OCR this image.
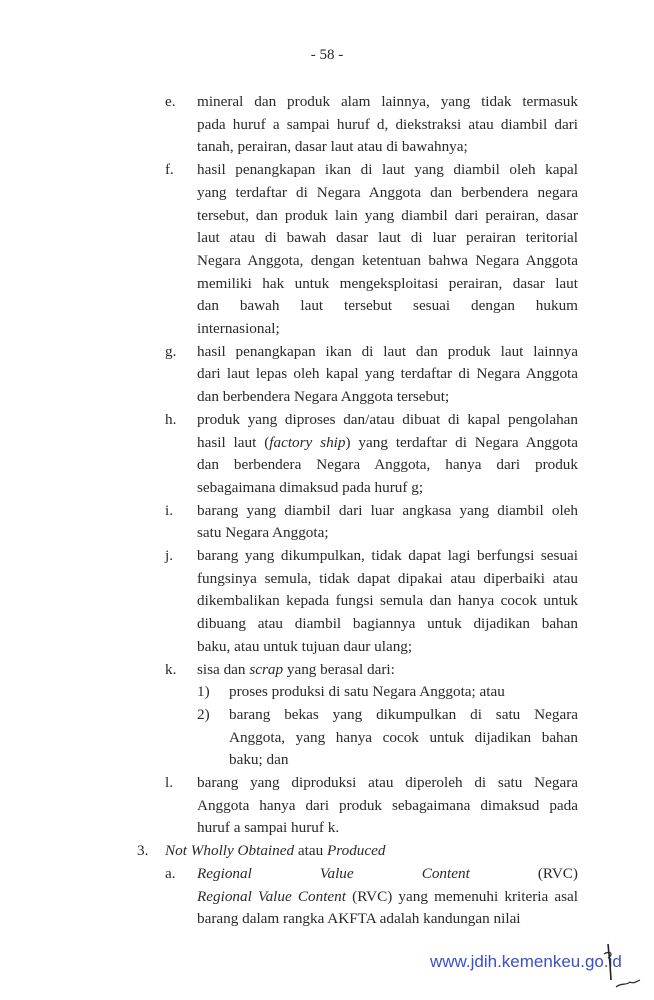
- 58 -
e. mineral dan produk alam lainnya, yang tidak termasuk
pada huruf a sampai huruf d, diekstraksi atau diambil dari
tanah, perairan, dasar laut atau di bawahnya;
f. hasil penangkapan ikan di laut yang diambil oleh kapal
yang terdaftar di Negara Anggota dan berbendera negara
tersebut, dan produk lain yang diambil dari perairan, dasar
laut atau di bawah dasar laut di luar perairan teritorial
Negara Anggota, dengan ketentuan bahwa Negara Anggota
memiliki hak untuk mengeksploitasi perairan, dasar laut
dan bawah laut tersebut sesuai dengan hukum
internasional;
g. hasil penangkapan ikan di laut dan produk laut lainnya
dari laut lepas oleh kapal yang terdaftar di Negara Anggota
dan berbendera Negara Anggota tersebut;
h. produk yang diproses dan/atau dibuat di kapal pengolahan
hasil laut (factory ship) yang terdaftar di Negara Anggota
dan berbendera Negara Anggota, hanya dari produk
sebagaimana dimaksud pada huruf g;
i. barang yang diambil dari luar angkasa yang diambil oleh
satu Negara Anggota;
j. barang yang dikumpulkan, tidak dapat lagi berfungsi sesuai
fungsinya semula, tidak dapat dipakai atau diperbaiki atau
dikembalikan kepada fungsi semula dan hanya cocok untuk
dibuang atau diambil bagiannya untuk dijadikan bahan
baku, atau untuk tujuan daur ulang;
k. sisa dan scrap yang berasal dari:
1) proses produksi di satu Negara Anggota; atau
2) barang bekas yang dikumpulkan di satu Negara
Anggota, yang hanya cocok untuk dijadikan bahan
baku; dan
l. barang yang diproduksi atau diperoleh di satu Negara
Anggota hanya dari produk sebagaimana dimaksud pada
huruf a sampai huruf k.
3. Not Wholly Obtained atau Produced
a. Regional Value Content (RVC)
Regional Value Content (RVC) yang memenuhi kriteria asal
barang dalam rangka AKFTA adalah kandungan nilai
www.jdih.kemenkeu.go.id
